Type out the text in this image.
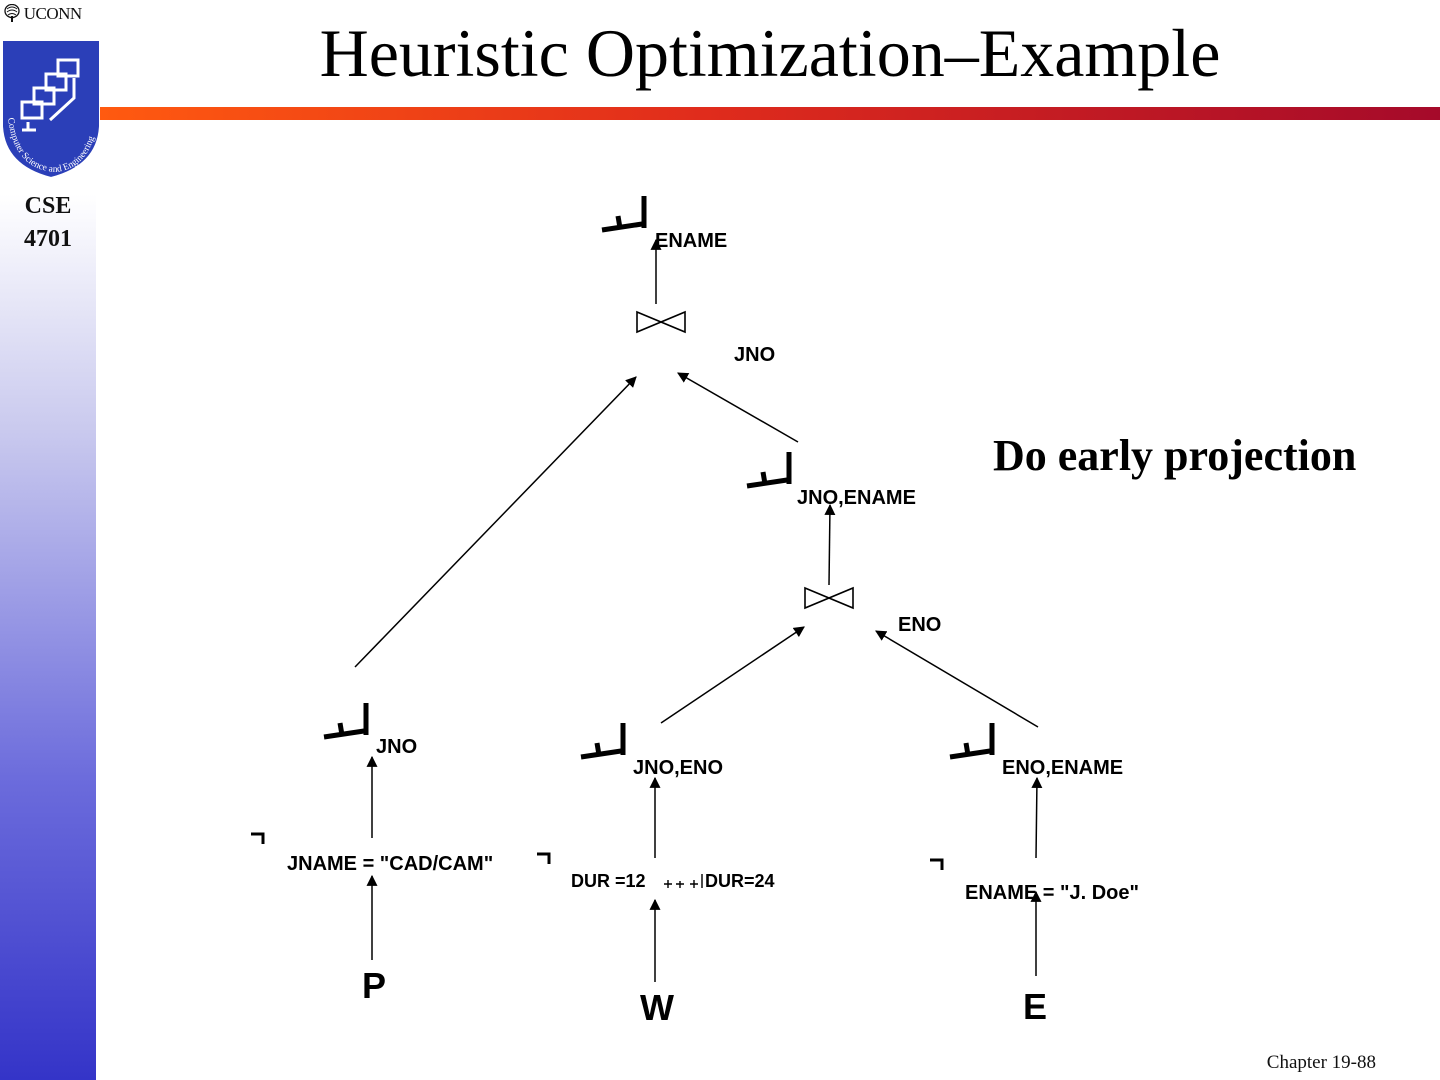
UCONN
Computer Science and Engineering
CSE
4701
Heuristic Optimization–Example
ENAME
JNO
JNO,ENAME
ENO
JNO
JNO,ENO	ENO,ENAME
JNAME = "CAD/CAM"
DUR =12	DUR=24
ENAME = "J. Doe"
P
W	E
Do early projection
Chapter 19-88
